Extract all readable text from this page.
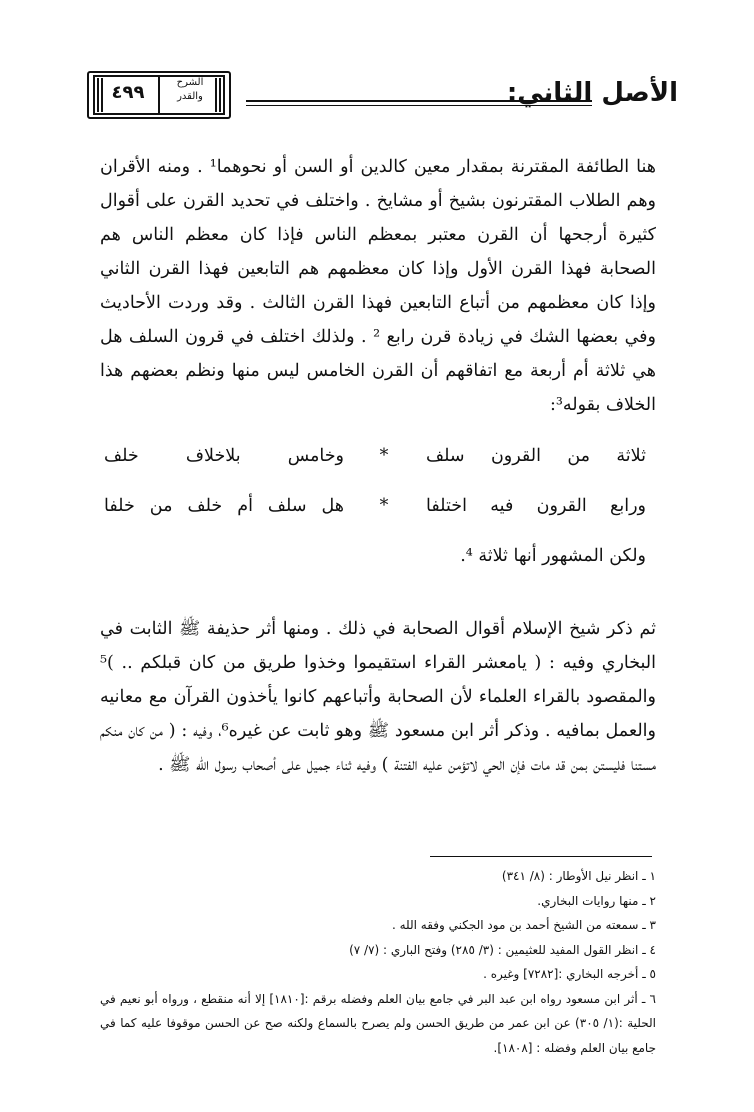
٤٩٩	الشرح
والقدر	الأصل الثاني:
هنا الطائفة المقترنة بمقدار معين كالدين أو السن أو نحوهما¹ . ومنه الأقران وهم الطلاب المقترنون بشيخ أو مشايخ . واختلف في تحديد القرن على أقوال كثيرة أرجحها أن القرن معتبر بمعظم الناس فإذا كان معظم الناس هم الصحابة فهذا القرن الأول وإذا كان معظمهم هم التابعين فهذا القرن الثاني وإذا كان معظمهم من أتباع التابعين فهذا القرن الثالث . وقد وردت الأحاديث وفي بعضها الشك في زيادة قرن رابع ² . ولذلك اختلف في قرون السلف هل هي ثلاثة أم أربعة مع اتفاقهم أن القرن الخامس ليس منها ونظم بعضهم هذا الخلاف بقوله³:
ثلاثة من القرون سلف
*
وخامس بلاخلاف خلف
ورابع القرون فيه اختلفا
*
هل سلف أم خلف من خلفا
ولكن المشهور أنها ثلاثة ⁴.
ثم ذكر شيخ الإسلام أقوال الصحابة في ذلك . ومنها أثر حذيفة ﷺ الثابت في البخاري وفيه : ( يامعشر القراء استقيموا وخذوا طريق من كان قبلكم .. )⁵ والمقصود بالقراء العلماء لأن الصحابة وأتباعهم كانوا يأخذون القرآن مع معانيه والعمل بمافيه . وذكر أثر ابن مسعود ﷺ وهو ثابت عن غيره⁶، وفيه : ( من كان منكم مستنا فليستن بمن قد مات فإن الحي لاتؤمن عليه الفتنة ) وفيه ثناء جميل على أصحاب رسول الله ﷺ .
١ ـ انظر نيل الأوطار : (٨/ ٣٤١)
٢ ـ منها روايات البخاري.
٣ ـ سمعته من الشيخ أحمد بن مود الجكني وفقه الله .
٤ ـ انظر القول المفيد للعثيمين : (٣/ ٢٨٥) وفتح الباري : (٧/ ٧)
٥ ـ أخرجه البخاري :[٧٢٨٢] وغيره .
٦ ـ أثر ابن مسعود رواه ابن عبد البر في جامع بيان العلم وفضله برقم :[١٨١٠] إلا أنه منقطع ، ورواه أبو نعيم في الحلية :(١/ ٣٠٥) عن ابن عمر من طريق الحسن ولم يصرح بالسماع ولكنه صح عن الحسن موقوفا عليه كما في جامع بيان العلم وفضله : [١٨٠٨].
